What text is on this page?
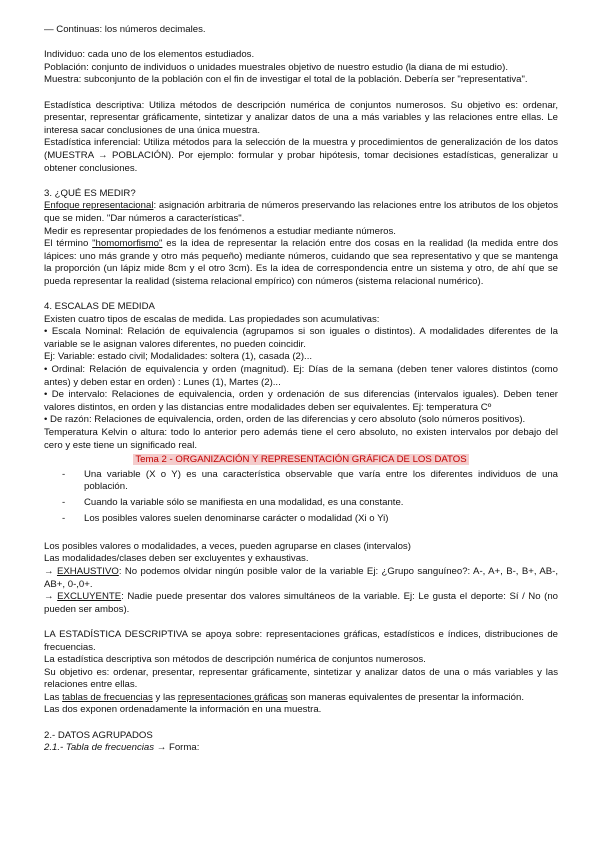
— Continuas: los números decimales.

Individuo: cada uno de los elementos estudiados.

Población: conjunto de individuos o unidades muestrales objetivo de nuestro estudio (la diana de mi estudio).

Muestra: subconjunto de la población con el fin de investigar el total de la población. Debería ser "representativa".

Estadística descriptiva: Utiliza métodos de descripción numérica de conjuntos numerosos. Su objetivo es: ordenar, presentar, representar gráficamente, sintetizar y analizar datos de una a más variables y las relaciones entre ellas. Le interesa sacar conclusiones de una única muestra.

Estadística inferencial: Utiliza métodos para la selección de la muestra y procedimientos de generalización de los datos (MUESTRA → POBLACIÓN). Por ejemplo: formular y probar hipótesis, tomar decisiones estadísticas, generalizar u obtener conclusiones.

3. ¿QUÉ ES MEDIR?

Enfoque representacional: asignación arbitraria de números preservando las relaciones entre los atributos de los objetos que se miden. "Dar números a características".

Medir es representar propiedades de los fenómenos a estudiar mediante números.

El término "homomorfismo" es la idea de representar la relación entre dos cosas en la realidad (la medida entre dos lápices: uno más grande y otro más pequeño) mediante números, cuidando que sea representativo y que se mantenga la proporción (un lápiz mide 8cm y el otro 3cm). Es la idea de correspondencia entre un sistema y otro, de ahí que se pueda representar la realidad (sistema relacional empírico) con números (sistema relacional numérico).

4. ESCALAS DE MEDIDA

Existen cuatro tipos de escalas de medida. Las propiedades son acumulativas:

• Escala Nominal: Relación de equivalencia (agrupamos si son iguales o distintos). A modalidades diferentes de la variable se le asignan valores diferentes, no pueden coincidir.

Ej: Variable: estado civil; Modalidades: soltera (1), casada (2)...

• Ordinal: Relación de equivalencia y orden (magnitud). Ej: Días de la semana (deben tener valores distintos (como antes) y deben estar en orden) : Lunes (1), Martes (2)...

• De intervalo: Relaciones de equivalencia, orden y ordenación de sus diferencias (intervalos iguales). Deben tener valores distintos, en orden y las distancias entre modalidades deben ser equivalentes. Ej: temperatura Cº

• De razón: Relaciones de equivalencia, orden, orden de las diferencias y cero absoluto (solo números positivos).

Temperatura Kelvin o altura: todo lo anterior pero además tiene el cero absoluto, no existen intervalos por debajo del cero y este tiene un significado real.

Tema 2 - ORGANIZACIÓN Y REPRESENTACIÓN GRÁFICA DE LOS DATOS

- Una variable (X o Y) es una característica observable que varía entre los diferentes individuos de una población.
- Cuando la variable sólo se manifiesta en una modalidad, es una constante.
- Los posibles valores suelen denominarse carácter o modalidad (Xi o Yi)

Los posibles valores o modalidades, a veces, pueden agruparse en clases (intervalos)

Las modalidades/clases deben ser excluyentes y exhaustivas.

→ EXHAUSTIVO: No podemos olvidar ningún posible valor de la variable Ej: ¿Grupo sanguíneo?: A-, A+, B-, B+, AB-, AB+, 0-,0+.

→ EXCLUYENTE: Nadie puede presentar dos valores simultáneos de la variable. Ej: Le gusta el deporte: Sí / No (no pueden ser ambos).

LA ESTADÍSTICA DESCRIPTIVA se apoya sobre: representaciones gráficas, estadísticos e índices, distribuciones de frecuencias.

La estadística descriptiva son métodos de descripción numérica de conjuntos numerosos.

Su objetivo es: ordenar, presentar, representar gráficamente, sintetizar y analizar datos de una o más variables y las relaciones entre ellas.

Las tablas de frecuencias y las representaciones gráficas son maneras equivalentes de presentar la información.

Las dos exponen ordenadamente la información en una muestra.

2.- DATOS AGRUPADOS

2.1.- Tabla de frecuencias → Forma:
